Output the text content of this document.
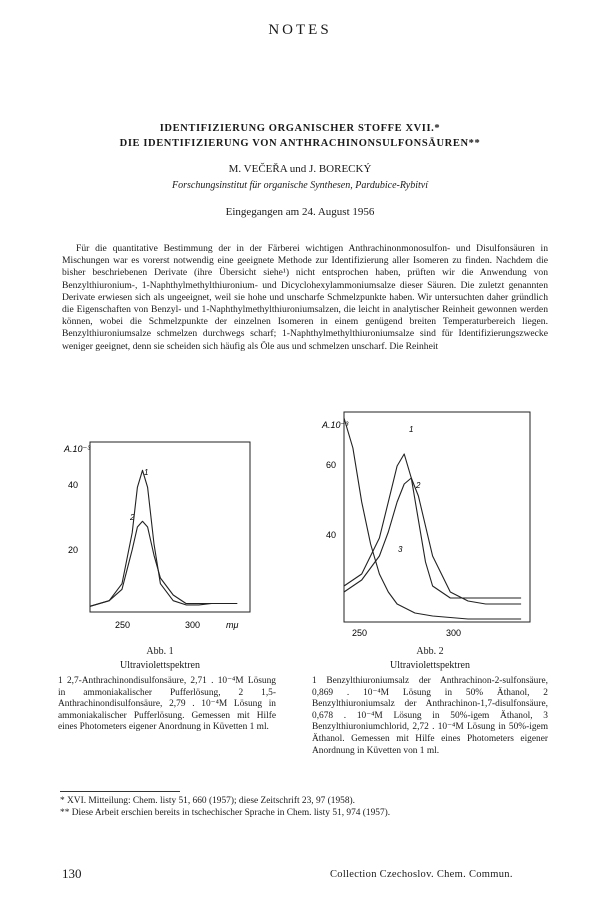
NOTES
IDENTIFIZIERUNG ORGANISCHER STOFFE XVII.*
DIE IDENTIFIZIERUNG VON ANTHRACHINONSULFONSÄUREN**
M. VEČEŘA und J. BORECKÝ
Forschungsinstitut für organische Synthesen, Pardubice-Rybitví
Eingegangen am 24. August 1956

Für die quantitative Bestimmung der in der Färberei wichtigen Anthrachinonmonosulfon- und Disulfonsäuren in Mischungen war es vorerst notwendig eine geeignete Methode zur Identifizierung aller Isomeren zu finden. Nachdem die bisher beschriebenen Derivate (ihre Übersicht siehe¹) nicht entsprochen haben, prüften wir die Anwendung von Benzylthiuronium-, 1-Naphthylmethylthiuronium- und Dicyclohexylammoniumsalze dieser Säuren. Die zuletzt genannten Derivate erwiesen sich als ungeeignet, weil sie hohe und unscharfe Schmelzpunkte haben. Wir untersuchten daher gründlich die Eigenschaften von Benzyl- und 1-Naphthylmethylthiuroniumsalzen, die leicht in analytischer Reinheit gewonnen werden können, wobei die Schmelzpunkte der einzelnen Isomeren in einem genügend breiten Temperaturbereich liegen. Benzylthiuroniumsalze schmelzen durchwegs scharf; 1-Naphthylmethylthiuroniumsalze sind für Identifizierungszwecke weniger geeignet, denn sie scheiden sich häufig als Öle aus und schmelzen unscharf. Die Reinheit

A.10⁻³
40
20
250	300	mμ
1
2
Abb. 1
Ultraviolettspektren
1 2,7-Anthrachinondisulfonsäure, 2,71 . 10⁻⁴M Lösung in ammoniakalischer Pufferlösung, 2 1,5-Anthrachinondisulfonsäure, 2,79 . 10⁻⁴M Lösung in ammoniakalischer Pufferlösung. Gemessen mit Hilfe eines Photometers eigener Anordnung in Küvetten 1 ml.
A.10⁻³
60
40
250	300
1
2
3
Abb. 2
Ultraviolettspektren
1 Benzylthiuroniumsalz der Anthrachinon-2-sulfonsäure, 0,869 . 10⁻⁴M Lösung in 50% Äthanol, 2 Benzylthiuroniumsalz der Anthrachinon-1,7-disulfonsäure, 0,678 . 10⁻⁴M Lösung in 50%-igem Äthanol, 3 Benzylthiuroniumchlorid, 2,72 . 10⁻⁴M Lösung in 50%-igem Äthanol. Gemessen mit Hilfe eines Photometers eigener Anordnung in Küvetten von 1 ml.

* XVI. Mitteilung: Chem. listy 51, 660 (1957); diese Zeitschrift 23, 97 (1958).

** Diese Arbeit erschien bereits in tschechischer Sprache in Chem. listy 51, 974 (1957).

130	Collection Czechoslov. Chem. Commun.
